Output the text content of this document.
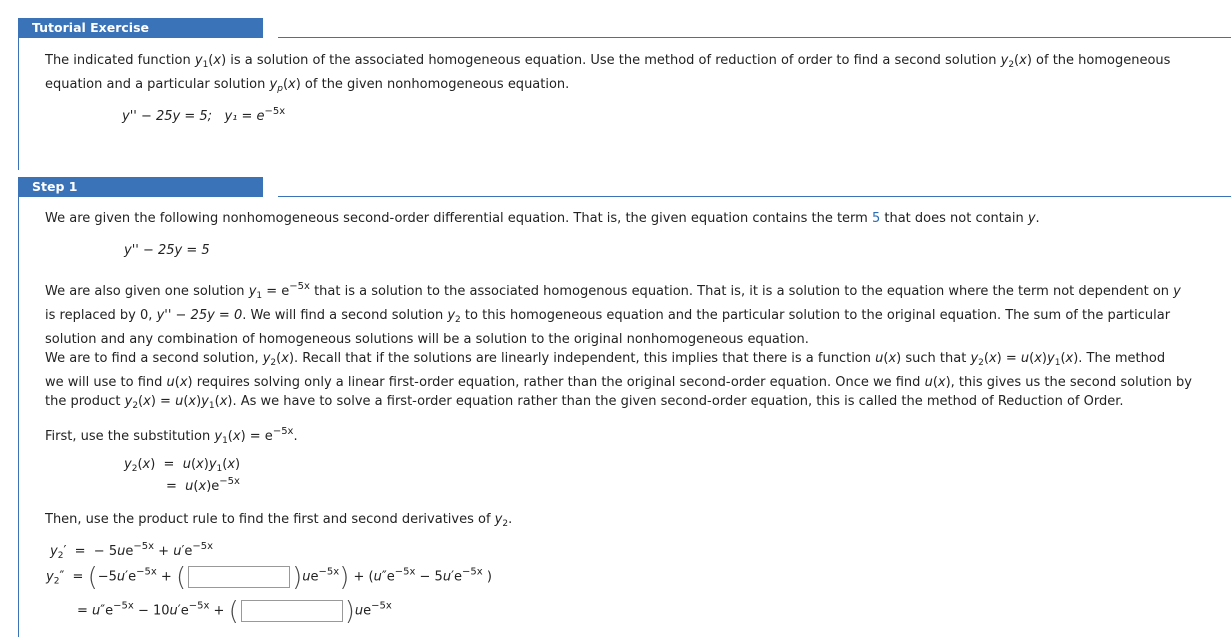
Tutorial Exercise
The indicated function $y_1(x)$ is a solution of the associated homogeneous equation. Use the method of reduction of order to find a second solution $y_2(x)$ of the homogeneous
equation and a particular solution $y_p(x)$ of the given nonhomogeneous equation.
y'' − 25y = 5; $y_1 = e^{-5x}$
Step 1
We are given the following nonhomogeneous second-order differential equation. That is, the given equation contains the term 5 that does not contain y.
y'' − 25y = 5
We are also given one solution $y_1 = e^{-5x}$ that is a solution to the associated homogenous equation. That is, it is a solution to the equation where the term not dependent on y
is replaced by 0, y'' − 25y = 0. We will find a second solution $y_2$ to this homogeneous equation and the particular solution to the original equation. The sum of the particular
solution and any combination of homogeneous solutions will be a solution to the original nonhomogeneous equation.
We are to find a second solution, $y_2(x)$. Recall that if the solutions are linearly independent, this implies that there is a function u(x) such that $y_2(x) = u(x)y_1(x)$. The method
we will use to find u(x) requires solving only a linear first-order equation, rather than the original second-order equation. Once we find u(x), this gives us the second solution by
the product $y_2(x) = u(x)y_1(x)$. As we have to solve a first-order equation rather than the given second-order equation, this is called the method of Reduction of Order.
First, use the substitution $y_1(x) = e^{-5x}$.
$y_2(x) = u(x)y_1(x)$
=  $u(x)e^{-5x}$
Then, use the product rule to find the first and second derivatives of $y_2$.
$y_2'$  =  − $5ue^{-5x} + u'e^{-5x}$
$y_2'' = (-5u'e^{-5x}$ + (	)$ue^{-5x}) + (u''e^{-5x} - 5u'e^{-5x}$ )
= $u''e^{-5x} - 10u'e^{-5x}$ + (	)$ue^{-5x}$
